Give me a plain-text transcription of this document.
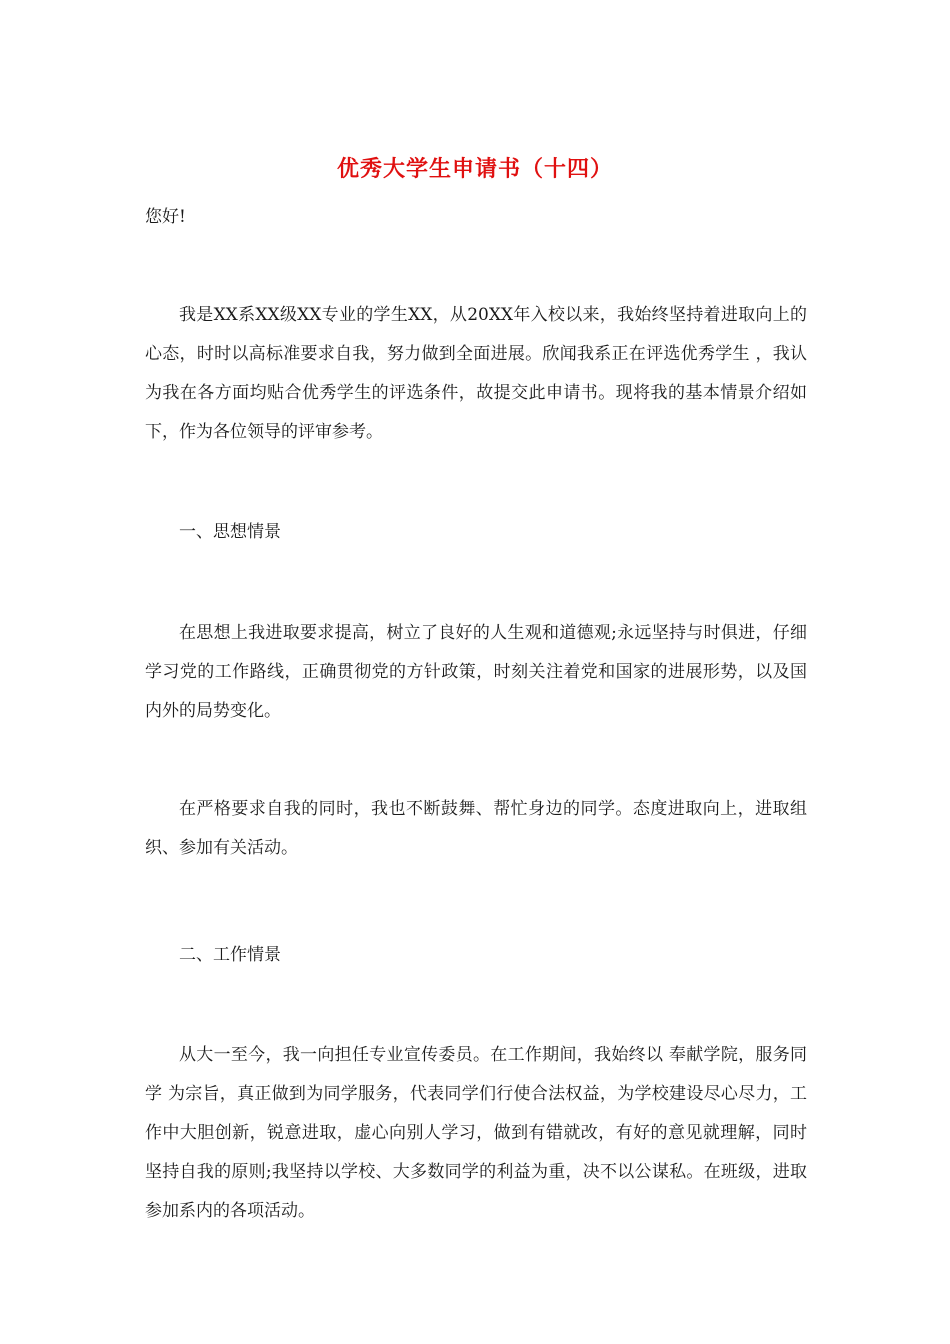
优秀大学生申请书（十四）

您好!

我是XX系XX级XX专业的学生XX，从20XX年入校以来，我始终坚持着进取向上的心态，时时以高标准要求自我，努力做到全面进展。欣闻我系正在评选优秀学生 ，我认为我在各方面均贴合优秀学生的评选条件，故提交此申请书。现将我的基本情景介绍如下，作为各位领导的评审参考。

一、思想情景

在思想上我进取要求提高，树立了良好的人生观和道德观;永远坚持与时俱进，仔细学习党的工作路线，正确贯彻党的方针政策，时刻关注着党和国家的进展形势，以及国内外的局势变化。

在严格要求自我的同时，我也不断鼓舞、帮忙身边的同学。态度进取向上，进取组织、参加有关活动。

二、工作情景

从大一至今，我一向担任专业宣传委员。在工作期间，我始终以 奉献学院，服务同学 为宗旨，真正做到为同学服务，代表同学们行使合法权益，为学校建设尽心尽力，工作中大胆创新，锐意进取，虚心向别人学习，做到有错就改，有好的意见就理解，同时坚持自我的原则;我坚持以学校、大多数同学的利益为重，决不以公谋私。在班级，进取参加系内的各项活动。
